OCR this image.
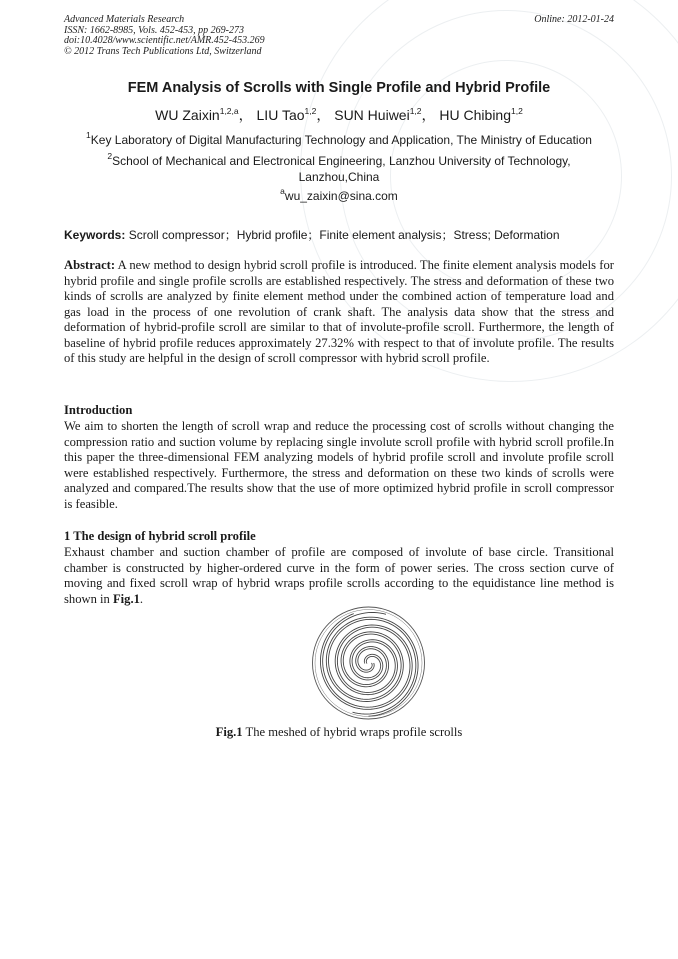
Advanced Materials Research
ISSN: 1662-8985, Vols. 452-453, pp 269-273
doi:10.4028/www.scientific.net/AMR.452-453.269
© 2012 Trans Tech Publications Ltd, Switzerland
Online: 2012-01-24
FEM Analysis of Scrolls with Single Profile and Hybrid Profile
WU Zaixin$^{1,2,a}$， LIU Tao$^{1,2}$， SUN Huiwei$^{1,2}$， HU Chibing$^{1,2}$
$^1$Key Laboratory of Digital Manufacturing Technology and Application, The Ministry of Education
$^2$School of Mechanical and Electronical Engineering, Lanzhou University of Technology,
Lanzhou,China
$^a$wu_zaixin@sina.com
Keywords: Scroll compressor；Hybrid profile；Finite element analysis；Stress; Deformation
Abstract: A new method to design hybrid scroll profile is introduced. The finite element analysis models for hybrid profile and single profile scrolls are established respectively. The stress and deformation of these two kinds of scrolls are analyzed by finite element method under the combined action of temperature load and gas load in the process of one revolution of crank shaft. The analysis data show that the stress and deformation of hybrid-profile scroll are similar to that of involute-profile scroll. Furthermore, the length of baseline of hybrid profile reduces approximately 27.32% with respect to that of involute profile. The results of this study are helpful in the design of scroll compressor with hybrid scroll profile.
Introduction
We aim to shorten the length of scroll wrap and reduce the processing cost of scrolls without changing the compression ratio and suction volume by replacing single involute scroll profile with hybrid scroll profile.In this paper the three-dimensional FEM analyzing models of hybrid profile scroll and involute profile scroll were established respectively. Furthermore, the stress and deformation on these two kinds of scrolls were analyzed and compared.The results show that the use of more optimized hybrid profile in scroll compressor is feasible.
1 The design of hybrid scroll profile
Exhaust chamber and suction chamber of profile are composed of involute of base circle. Transitional chamber is constructed by higher-ordered curve in the form of power series. The cross section curve of moving and fixed scroll wrap of hybrid wraps profile scrolls according to the equidistance line method is shown in Fig.1.
Fig.1 The meshed of hybrid wraps profile scrolls
